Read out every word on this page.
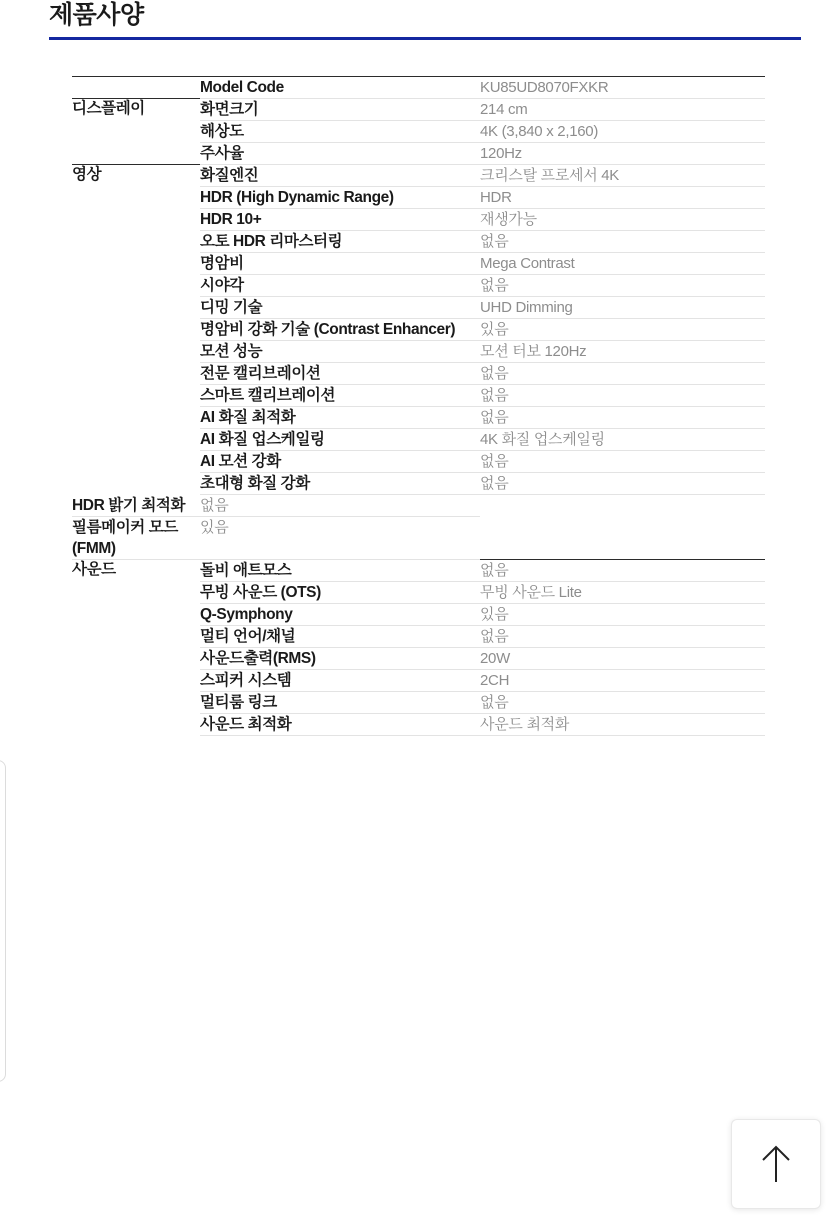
제품사양
	Model Code	KU85UD8070FXKR
디스플레이	화면크기	214 cm
	해상도	4K (3,840 x 2,160)
	주사율	120Hz
영상	화질엔진	크리스탈 프로세서 4K
	HDR (High Dynamic Range)	HDR
	HDR 10+	재생가능
	오토 HDR 리마스터링	없음
	명암비	Mega Contrast
	시야각	없음
	디밍 기술	UHD Dimming
	명암비 강화 기술 (Contrast Enhancer)	있음
	모션 성능	모션 터보 120Hz
	전문 캘리브레이션	없음
	스마트 캘리브레이션	없음
	AI 화질 최적화	없음
	AI 화질 업스케일링	4K 화질 업스케일링
	AI 모션 강화	없음
	초대형 화질 강화	없음
HDR 밝기 최적화	없음	
필름메이커 모드 (FMM)	있음	
사운드	돌비 애트모스	없음
	무빙 사운드 (OTS)	무빙 사운드 Lite
	Q-Symphony	있음
	멀티 언어/채널	없음
	사운드출력(RMS)	20W
	스피커 시스템	2CH
	멀티룸 링크	없음
	사운드 최적화	사운드 최적화
